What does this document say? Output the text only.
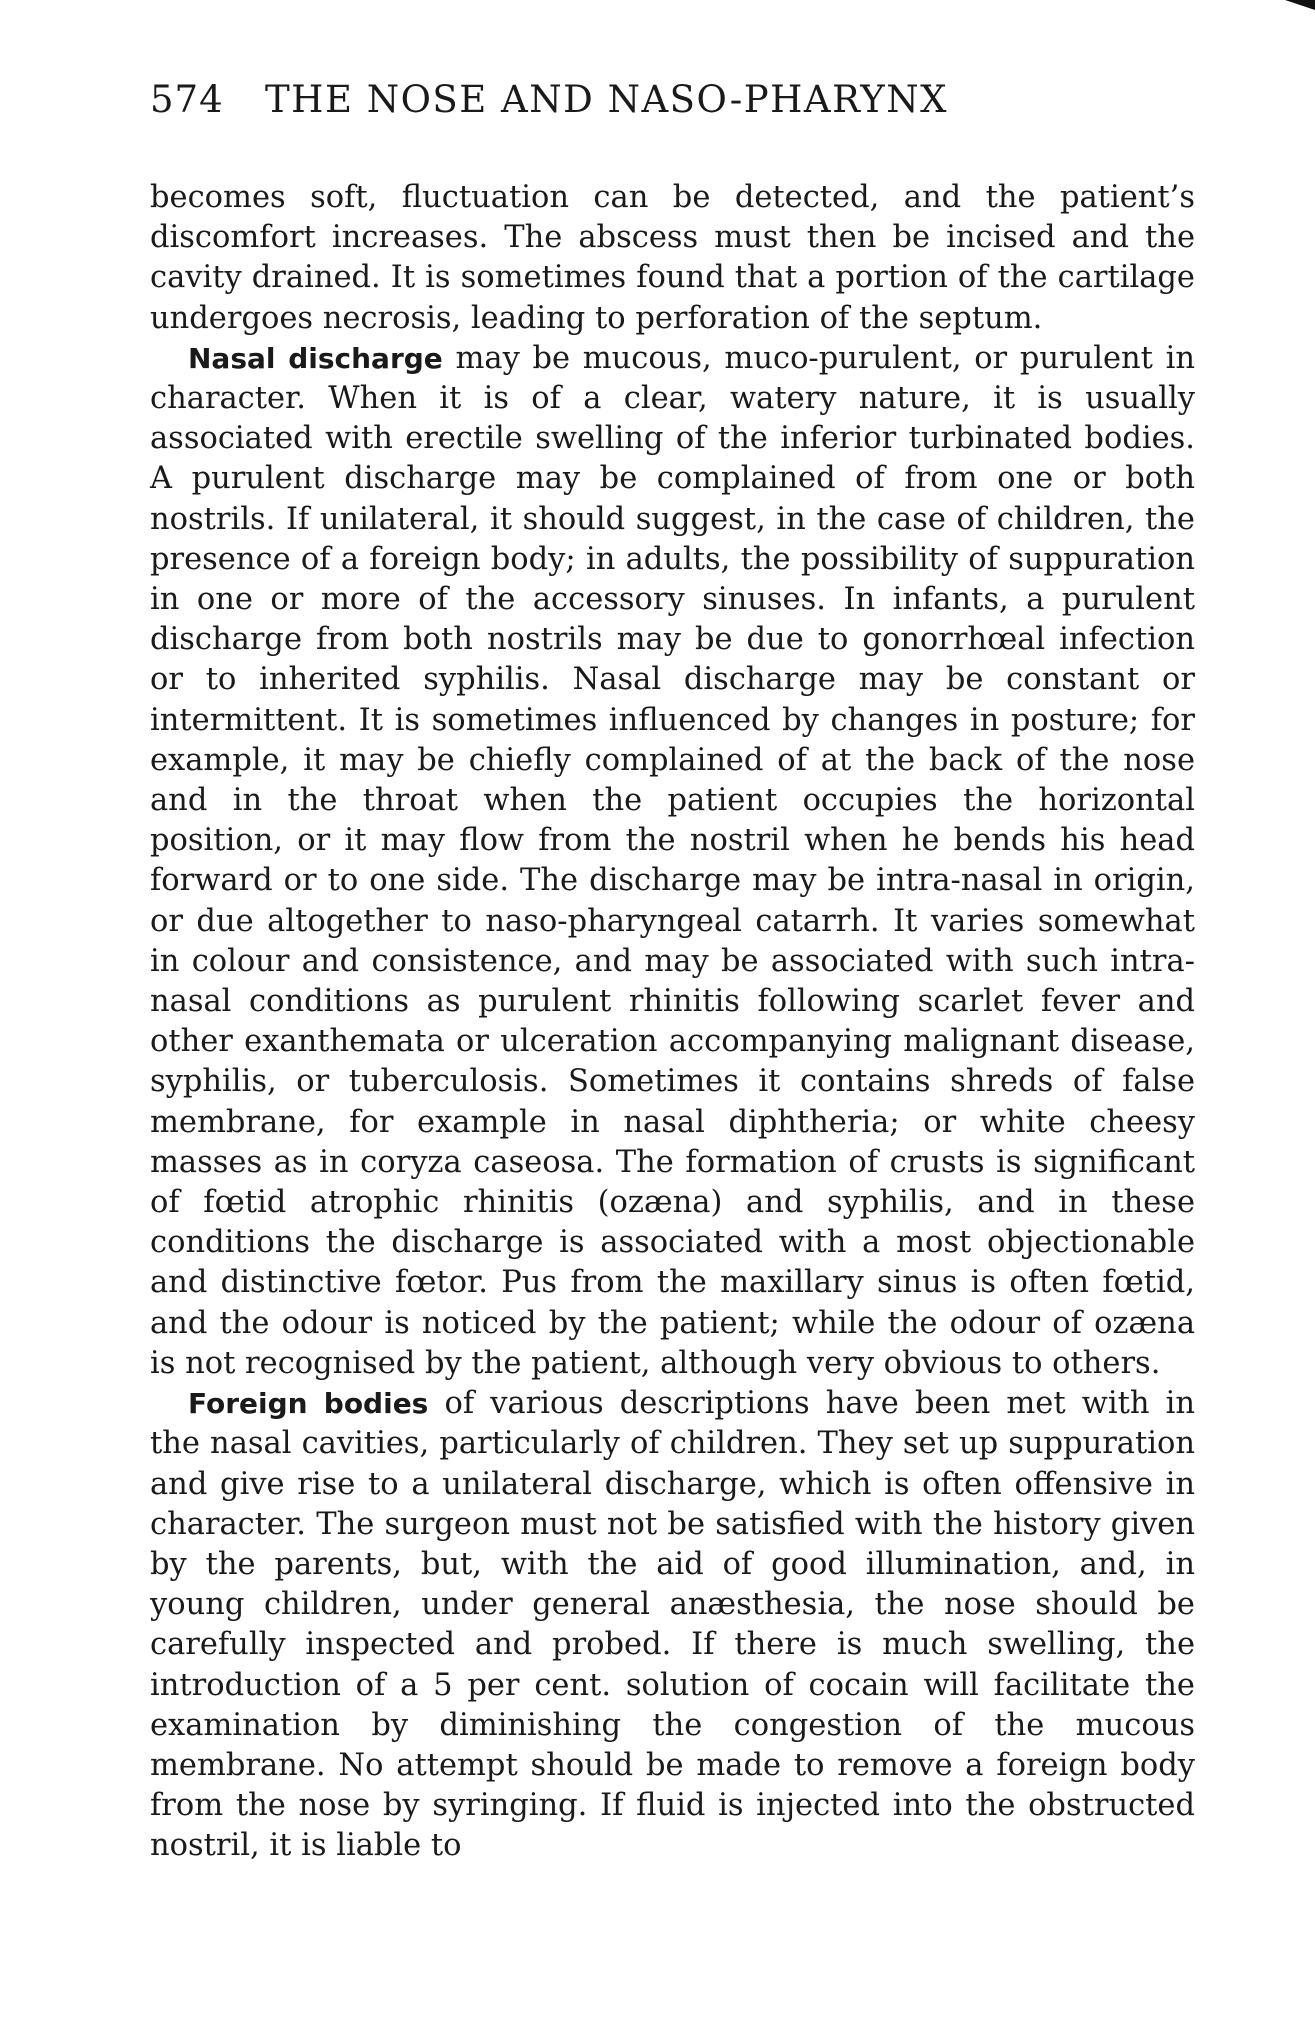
574	THE NOSE AND NASO-PHARYNX

becomes soft, fluctuation can be detected, and the patient’s discomfort increases. The abscess must then be incised and the cavity drained. It is sometimes found that a portion of the cartilage undergoes necrosis, leading to perforation of the septum.

Nasal discharge may be mucous, muco-purulent, or purulent in character. When it is of a clear, watery nature, it is usually associated with erectile swelling of the inferior turbinated bodies. A purulent discharge may be complained of from one or both nostrils. If unilateral, it should suggest, in the case of children, the presence of a foreign body; in adults, the possibility of suppuration in one or more of the accessory sinuses. In infants, a purulent discharge from both nostrils may be due to gonorrhœal infection or to inherited syphilis. Nasal discharge may be constant or intermittent. It is sometimes influenced by changes in posture; for example, it may be chiefly complained of at the back of the nose and in the throat when the patient occupies the horizontal position, or it may flow from the nostril when he bends his head forward or to one side. The discharge may be intra-nasal in origin, or due altogether to naso-pharyngeal catarrh. It varies somewhat in colour and consistence, and may be associated with such intra-nasal conditions as purulent rhinitis following scarlet fever and other exanthemata or ulceration accompanying malignant disease, syphilis, or tuberculosis. Sometimes it contains shreds of false membrane, for example in nasal diphtheria; or white cheesy masses as in coryza caseosa. The formation of crusts is significant of fœtid atrophic rhinitis (ozæna) and syphilis, and in these conditions the discharge is associated with a most objectionable and distinctive fœtor. Pus from the maxillary sinus is often fœtid, and the odour is noticed by the patient; while the odour of ozæna is not recognised by the patient, although very obvious to others.

Foreign bodies of various descriptions have been met with in the nasal cavities, particularly of children. They set up suppuration and give rise to a unilateral discharge, which is often offensive in character. The surgeon must not be satisfied with the history given by the parents, but, with the aid of good illumination, and, in young children, under general anæsthesia, the nose should be carefully inspected and probed. If there is much swelling, the introduction of a 5 per cent. solution of cocain will facilitate the examination by diminishing the congestion of the mucous membrane. No attempt should be made to remove a foreign body from the nose by syringing. If fluid is injected into the obstructed nostril, it is liable to
